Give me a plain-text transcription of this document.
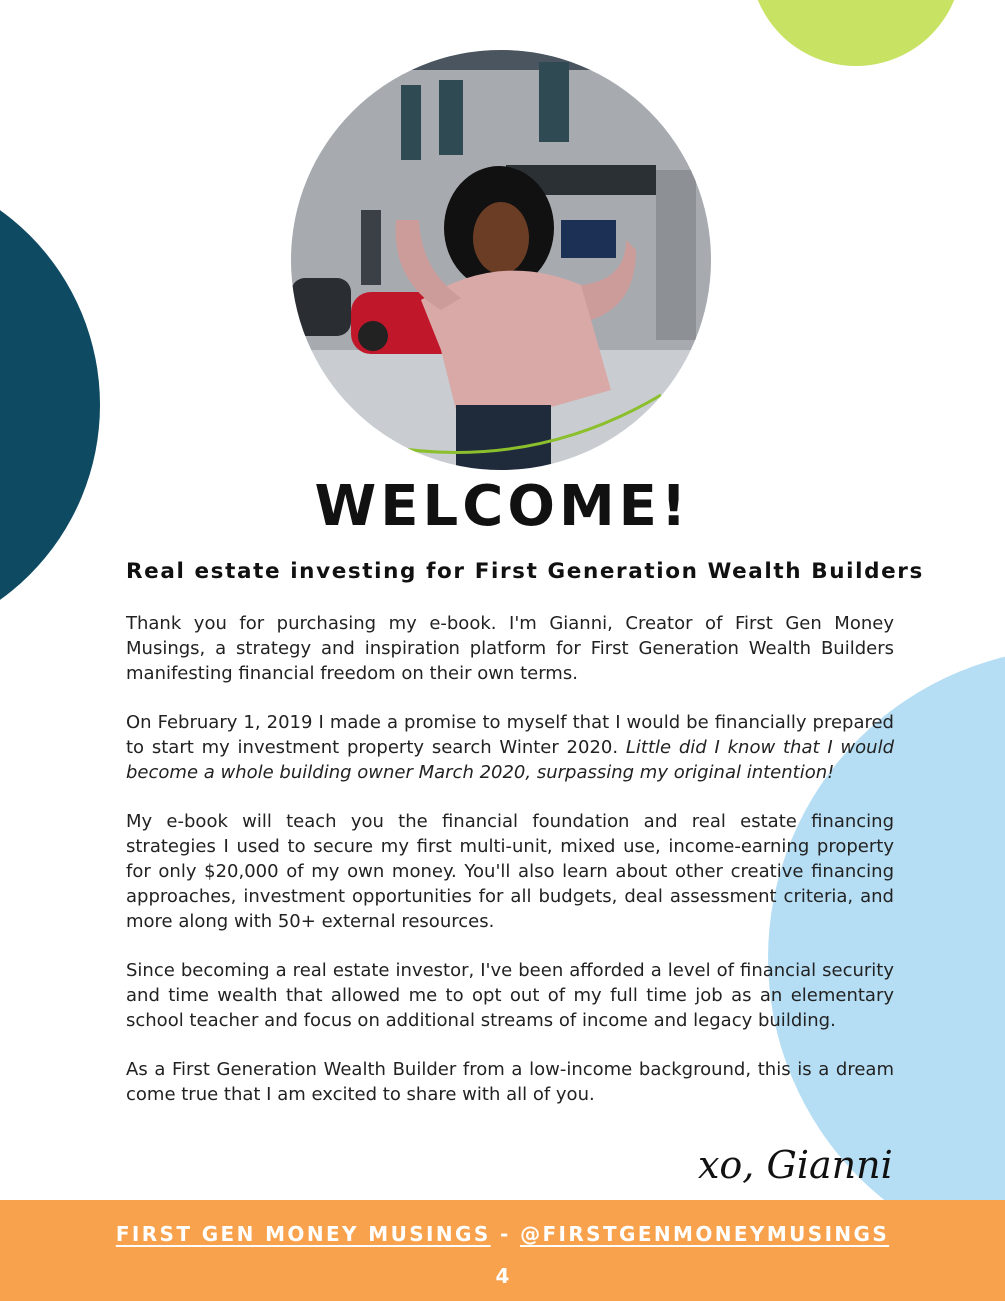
WELCOME!
Real estate investing for First Generation Wealth Builders

Thank you for purchasing my e-book. I'm Gianni, Creator of First Gen Money Musings, a strategy and inspiration platform for First Generation Wealth Builders manifesting financial freedom on their own terms.

On February 1, 2019 I made a promise to myself that I would be financially prepared to start my investment property search Winter 2020. Little did I know that I would become a whole building owner March 2020, surpassing my original intention!

My e-book will teach you the financial foundation and real estate financing strategies I used to secure my first multi-unit, mixed use, income-earning property for only $20,000 of my own money. You'll also learn about other creative financing approaches, investment opportunities for all budgets, deal assessment criteria, and more along with 50+ external resources.

Since becoming a real estate investor, I've been afforded a level of financial security and time wealth that allowed me to opt out of my full time job as an elementary school teacher and focus on additional streams of income and legacy building.

As a First Generation Wealth Builder from a low-income background, this is a dream come true that I am excited to share with all of you.

xo, Gianni
FIRST GEN MONEY MUSINGS - @FIRSTGENMONEYMUSINGS
4
